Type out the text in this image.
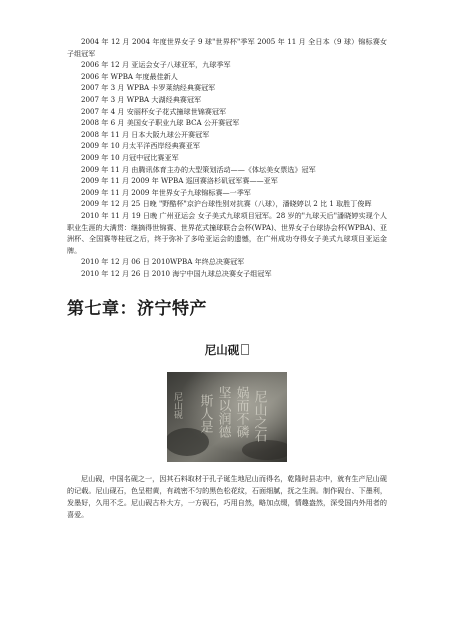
2004 年 12 月 2004 年度世界女子 9 球"世界杯"季军 2005 年 11 月 全日本（9 球）锦标赛女子组冠军
2006 年 12 月 亚运会女子八球亚军，九球季军
2006 年 WPBA 年度最佳新人
2007 年 3 月 WPBA 卡罗莱纳经典赛冠军
2007 年 3 月 WPBA 大湖经典赛冠军
2007 年 4 月 安丽杯女子花式撞球世锦赛冠军
2008 年 6 月 美国女子职业九球 BCA 公开赛冠军
2008 年 11 月 日本大阪九球公开赛冠军
2009 年 10 月太平洋西岸经典赛亚军
2009 年 10 月冠中冠比赛亚军
2009 年 11 月 由腾讯体育主办的大型策划活动——《体坛美女票选》冠军
2009 年 11 月 2009 年 WPBA 巡回赛洛杉矶冠军赛——亚军
2009 年 11 月 2009 年世界女子九球锦标赛—一季军
2009 年 12 月 25 日晚 "野酷杯"京沪台球性别对抗赛（八球），潘晓婷以 2 比 1 取胜丁俊晖
2010 年 11 月 19 日晚 广州亚运会 女子美式九球项目冠军。28 岁的"九球天后"潘晓婷实现个人职业生涯的大满贯：继摘得世锦赛、世界花式撞球联合会杯(WPA)、世界女子台球协会杯(WPBA)、亚洲杯、全国赛等桂冠之后，终于弥补了多哈亚运会的遗憾，在广州成功夺得女子美式九球项目亚运金牌。
2010 年 12 月 06 日 2010WPBA 年终总决赛冠军
2010 年 12 月 26 日 2010 海宁中国九球总决赛女子组冠军
第七章：济宁特产
尼山砚
尼山之石
娲而不磷
坚以润德
斯人是
尼山砚
尼山砚，中国名砚之一，因其石料取材于孔子诞生地尼山而得名，乾隆时县志中，就有生产尼山砚的记载。尼山砚石，色呈柑黄，有疏密不匀的黑色松花纹，石面细腻，抚之生润。制作砚台、下墨利，发墨好，久用不乏。尼山砚古朴大方，一方砚石，巧用自然，略加点缀，情趣盎然，深受国内外用者的喜爱。
